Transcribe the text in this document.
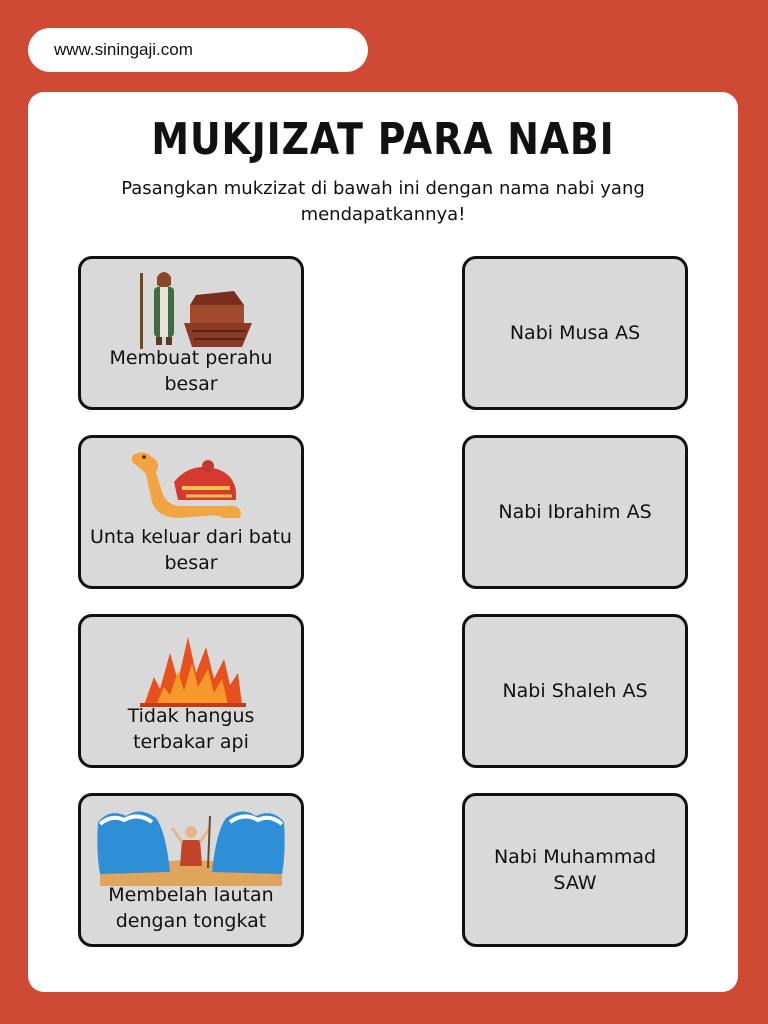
www.siningaji.com
MUKJIZAT PARA NABI
Pasangkan mukzizat di bawah ini dengan nama nabi yang mendapatkannya!
Membuat perahu besar
Unta keluar dari batu besar
Tidak hangus terbakar api
Membelah lautan dengan tongkat
Nabi Musa AS
Nabi Ibrahim AS
Nabi Shaleh AS
Nabi Muhammad SAW
